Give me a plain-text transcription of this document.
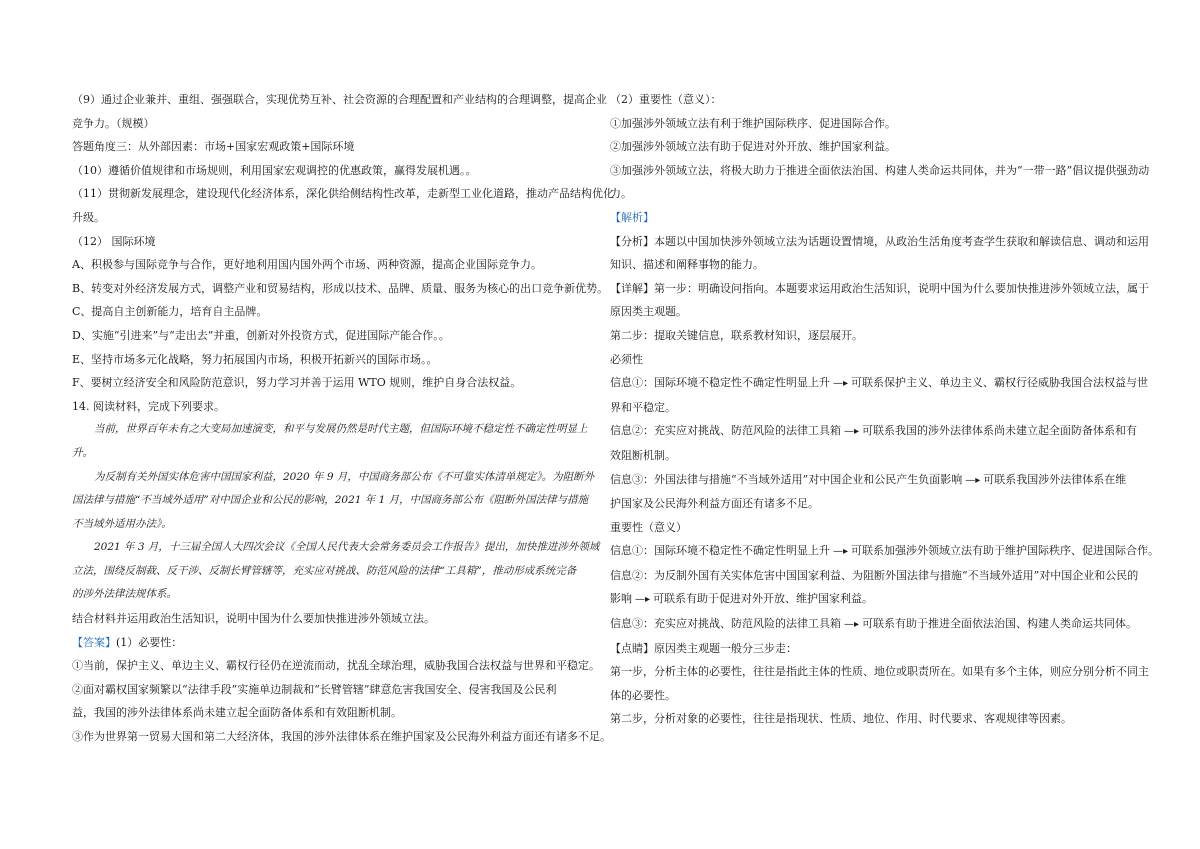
（9）通过企业兼并、重组、强强联合，实现优势互补、社会资源的合理配置和产业结构的合理调整，提高企业

竞争力。（规模）

答题角度三：从外部因素：市场+国家宏观政策+国际环境

（10）遵循价值规律和市场规则，利用国家宏观调控的优惠政策，赢得发展机遇。。

（11）贯彻新发展理念，建设现代化经济体系，深化供给侧结构性改革，走新型工业化道路，推动产品结构优化

升级。

（12） 国际环境

A、积极参与国际竞争与合作，更好地利用国内国外两个市场、两种资源，提高企业国际竞争力。

B、转变对外经济发展方式，调整产业和贸易结构，形成以技术、品牌、质量、服务为核心的出口竞争新优势。

C、提高自主创新能力，培育自主品牌。

D、实施“引进来”与“走出去”并重，创新对外投资方式，促进国际产能合作。。

E、坚持市场多元化战略，努力拓展国内市场，积极开拓新兴的国际市场。。

F、要树立经济安全和风险防范意识，努力学习并善于运用 WTO 规则，维护自身合法权益。

14. 阅读材料，完成下列要求。

当前，世界百年未有之大变局加速演变，和平与发展仍然是时代主题，但国际环境不稳定性不确定性明显上

升。

为反制有关外国实体危害中国国家利益，2020 年 9 月，中国商务部公布《不可靠实体清单规定》。为阻断外

国法律与措施“不当域外适用”对中国企业和公民的影响，2021 年 1 月，中国商务部公布《阻断外国法律与措施

不当域外适用办法》。

2021 年 3 月，十三届全国人大四次会议《全国人民代表大会常务委员会工作报告》提出，加快推进涉外领域

立法，围绕反制裁、反干涉、反制长臂管辖等，充实应对挑战、防范风险的法律“工具箱”，推动形成系统完备

的涉外法律法规体系。

结合材料并运用政治生活知识，说明中国为什么要加快推进涉外领域立法。

【答案】(1）必要性：

①当前，保护主义、单边主义、霸权行径仍在逆流而动，扰乱全球治理，威胁我国合法权益与世界和平稳定。

②面对霸权国家频繁以“法律手段”实施单边制裁和“长臂管辖”肆意危害我国安全、侵害我国及公民利

益，我国的涉外法律体系尚未建立起全面防备体系和有效阻断机制。

③作为世界第一贸易大国和第二大经济体，我国的涉外法律体系在维护国家及公民海外利益方面还有诸多不足。

（2）重要性（意义）：

①加强涉外领域立法有利于维护国际秩序、促进国际合作。

②加强涉外领域立法有助于促进对外开放、维护国家利益。

③加强涉外领域立法，将极大助力于推进全面依法治国、构建人类命运共同体，并为“一带一路”倡议提供强劲动

力。

【解析】

【分析】本题以中国加快涉外领域立法为话题设置情境，从政治生活角度考查学生获取和解读信息、调动和运用

知识、描述和阐释事物的能力。

【详解】第一步：明确设问指向。本题要求运用政治生活知识，说明中国为什么要加快推进涉外领域立法，属于

原因类主观题。

第二步：提取关键信息，联系教材知识，逐层展开。

必须性

信息①：国际环境不稳定性不确定性明显上升 —▸ 可联系保护主义、单边主义、霸权行径威胁我国合法权益与世

界和平稳定。

信息②：充实应对挑战、防范风险的法律工具箱 —▸ 可联系我国的涉外法律体系尚未建立起全面防备体系和有

效阻断机制。

信息③：外国法律与措施“不当域外适用”对中国企业和公民产生负面影响 —▸ 可联系我国涉外法律体系在维

护国家及公民海外利益方面还有诸多不足。

重要性（意义）

信息①：国际环境不稳定性不确定性明显上升 —▸ 可联系加强涉外领域立法有助于维护国际秩序、促进国际合作。

信息②：为反制外国有关实体危害中国国家利益、为阻断外国法律与措施“不当域外适用”对中国企业和公民的

影响 —▸ 可联系有助于促进对外开放、维护国家利益。

信息③：充实应对挑战、防范风险的法律工具箱 —▸ 可联系有助于推进全面依法治国、构建人类命运共同体。

【点睛】原因类主观题一般分三步走：

第一步，分析主体的必要性，往往是指此主体的性质、地位或职责所在。如果有多个主体，则应分别分析不同主

体的必要性。

第二步，分析对象的必要性，往往是指现状、性质、地位、作用、时代要求、客观规律等因素。
